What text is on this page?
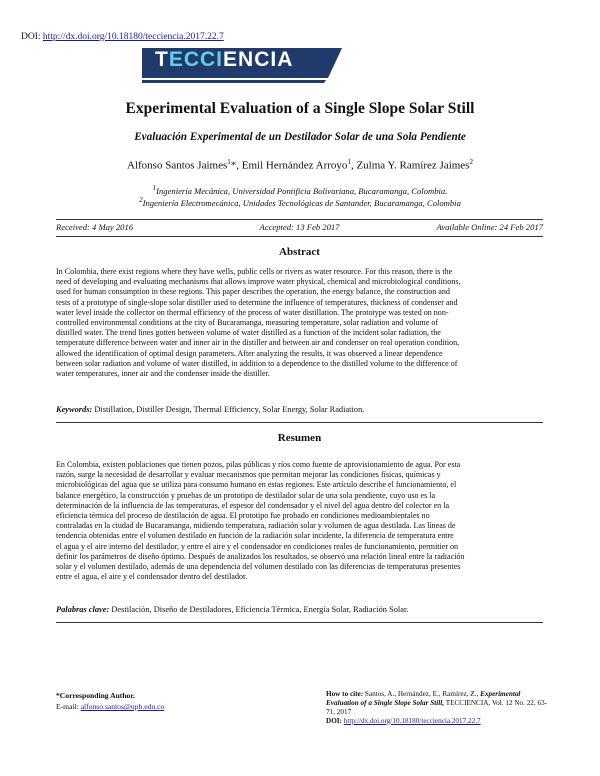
DOI: http://dx.doi.org/10.18180/tecciencia.2017.22.7
TECCIENCIA
Experimental Evaluation of a Single Slope Solar Still
Evaluación Experimental de un Destilador Solar de una Sola Pendiente
Alfonso Santos Jaimes$^1$*, Emil Hernández Arroyo$^1$, Zulma Y. Ramírez Jaimes$^2$
$^1$Ingeniería Mecánica, Universidad Pontificia Bolivariana, Bucaramanga, Colombia.
$^2$Ingeniería Electromecánica, Unidades Tecnológicas de Santander, Bucaramanga, Colombia
Received: 4 May 2016	Accepted: 13 Feb 2017	Available Online: 24 Feb 2017
Abstract
In Colombia, there exist regions where they have wells, public cells or rivers as water resource. For this reason, there is the
need of developing and evaluating mechanisms that allows improve water physical, chemical and microbiological conditions,
used for human consumption in these regions. This paper describes the operation, the energy balance, the construction and
tests of a prototype of single-slope solar distiller used to determine the influence of temperatures, thickness of condenser and
water level inside the collector on thermal efficiency of the process of water distillation. The prototype was tested on non-
controlled environmental conditions at the city of Bucaramanga, measuring temperature, solar radiation and volume of
distilled water. The trend lines gotten between volume of water distilled as a function of the incident solar radiation, the
temperature difference between water and inner air in the distiller and between air and condenser on real operation condition,
allowed the identification of optimal design parameters. After analyzing the results, it was observed a linear dependence
between solar radiation and volume of water distilled, in addition to a dependence to the distilled volume to the difference of
water temperatures, inner air and the condenser inside the distiller.
Keywords: Distillation, Distiller Design, Thermal Efficiency, Solar Energy, Solar Radiation.
Resumen
En Colombia, existen poblaciones que tienen pozos, pilas públicas y ríos como fuente de aprovisionamiento de agua. Por esta
razón, surge la necesidad de desarrollar y evaluar mecanismos que permitan mejorar las condiciones físicas, químicas y
microbiológicas del agua que se utiliza para consumo humano en estas regiones. Este artículo describe el funcionamiento, el
balance energético, la construcción y pruebas de un prototipo de destilador solar de una sola pendiente, cuyo uso es la
determinación de la influencia de las temperaturas, el espesor del condensador y el nivel del agua dentro del colector en la
eficiencia térmica del proceso de destilación de agua. El prototipo fue probado en condiciones medioambientales no
contraladas en la ciudad de Bucaramanga, midiendo temperatura, radiación solar y volumen de agua destilada. Las líneas de
tendencia obtenidas entre el volumen destilado en función de la radiación solar incidente, la diferencia de temperatura entre
el agua y el aire interno del destilador, y entre el aire y el condensador en condiciones reales de funcionamiento, permitier on
definir los parámetros de diseño óptimo. Después de analizados los resultados, se observó una relación lineal entre la radiación
solar y el volumen destilado, además de una dependencia del volumen destilado con las diferencias de temperaturas presentes
entre el agua, el aire y el condensador dentro del destilador.
Palabras clave: Destilación, Diseño de Destiladores, Eficiencia Térmica, Energía Solar, Radiación Solar.
*Corresponding Author.
E-mail: alfonso.santos@upb.edu.co
How to cite: Santos, A., Hernández, E., Ramírez, Z., Experimental Evaluation of a Single Slope Solar Still, TECCIENCIA, Vol. 12 No. 22, 63-71, 2017
DOI: http://dx.doi.org/10.18180/tecciencia.2017.22.7
